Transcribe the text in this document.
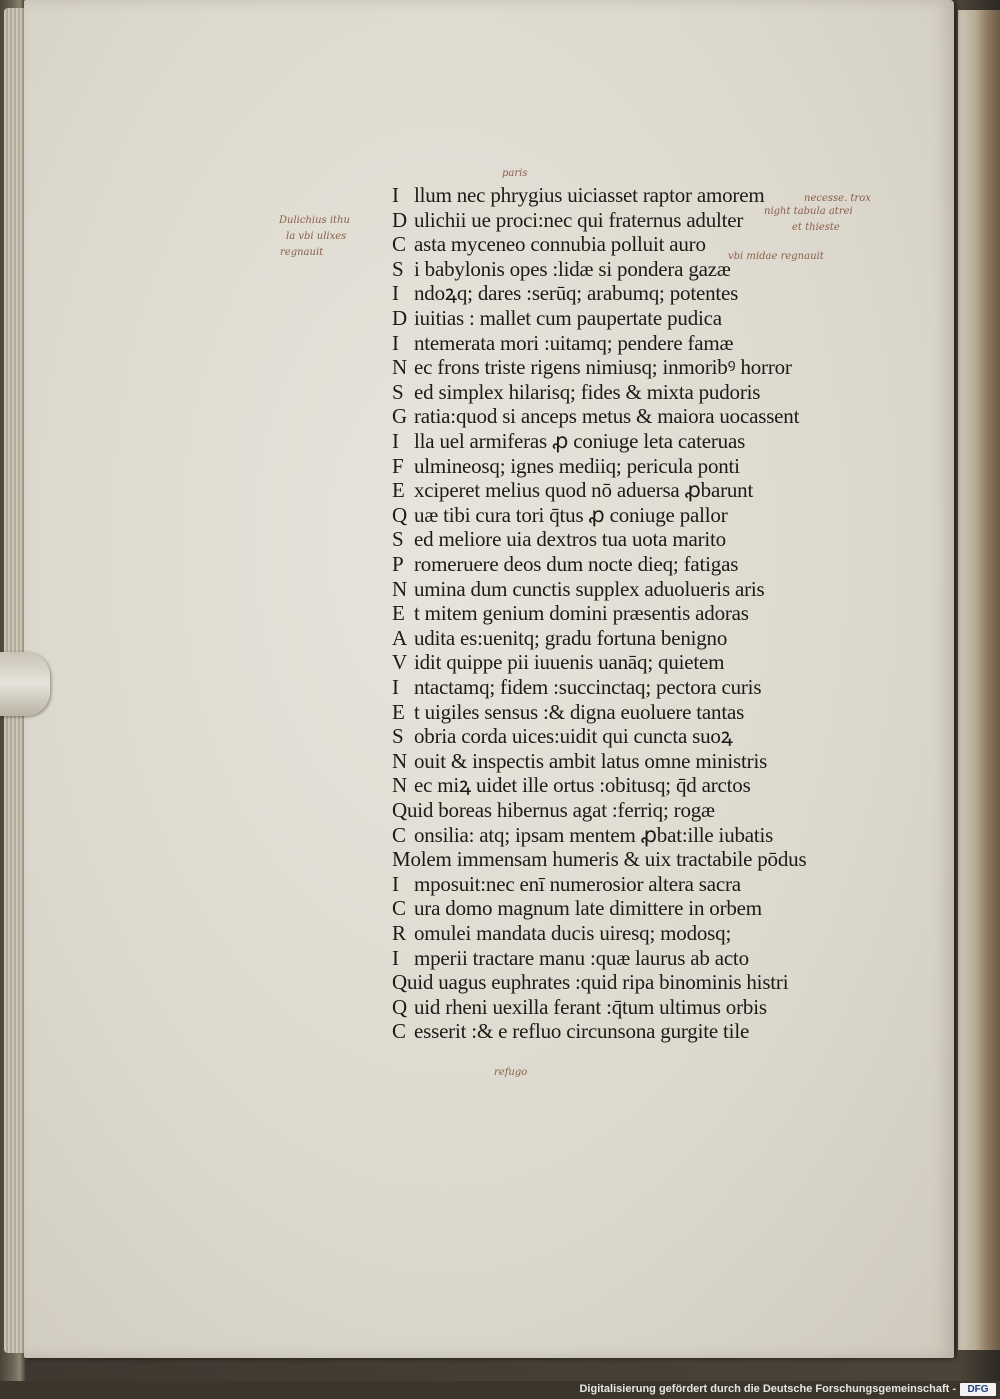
I llum nec phrygius uiciasset raptor amorem
D ulichii ue proci:nec qui fraternus adulter
C asta myceneo connubia polluit auro
S i babylonis opes :lidæ si pondera gazæ
I ndoꝝq; dares :serūq; arabumq; potentes
D iuitias : mallet cum paupertate pudica
I ntemerata mori :uitamq; pendere famæ
N ec frons triste rigens nimiusq; inmoribꝰ horror
S ed simplex hilarisq; fides & mixta pudoris
G ratia:quod si anceps metus & maiora uocassent
I lla uel armiferas ꝓ coniuge leta cateruas
F ulmineosq; ignes mediiq; pericula ponti
E xciperet melius quod nō aduersa ꝓbarunt
Q uæ tibi cura tori q̄tus ꝓ coniuge pallor
S ed meliore uia dextros tua uota marito
P romeruere deos dum nocte dieq; fatigas
N umina dum cunctis supplex aduolueris aris
E t mitem genium domini præsentis adoras
A udita es:uenitq; gradu fortuna benigno
V idit quippe pii iuuenis uanāq; quietem
I ntactamq; fidem :succinctaq; pectora curis
E t uigiles sensus :& digna euoluere tantas
S obria corda uices:uidit qui cuncta suoꝝ
N ouit & inspectis ambit latus omne ministris
N ec miꝝ uidet ille ortus :obitusq; q̄d arctos
Quid boreas hibernus agat :ferriq; rogæ
C onsilia: atq; ipsam mentem ꝓbat:ille iubatis
Molem immensam humeris & uix tractabile pōdus
I mposuit:nec enī numerosior altera sacra
C ura domo magnum late dimittere in orbem
R omulei mandata ducis uiresq; modosq;
I mperii tractare manu :quæ laurus ab acto
Quid uagus euphrates :quid ripa binominis histri
Q uid rheni uexilla ferant :q̄tum ultimus orbis
C esserit :& e refluo circunsona gurgite tile
paris
Dulichius ithu
la vbi ulixes
regnauit
necesse. trox
night tabula atrei
et thieste
vbi midae regnauit
refugo
Digitalisierung gefördert durch die Deutsche Forschungsgemeinschaft -	DFG
